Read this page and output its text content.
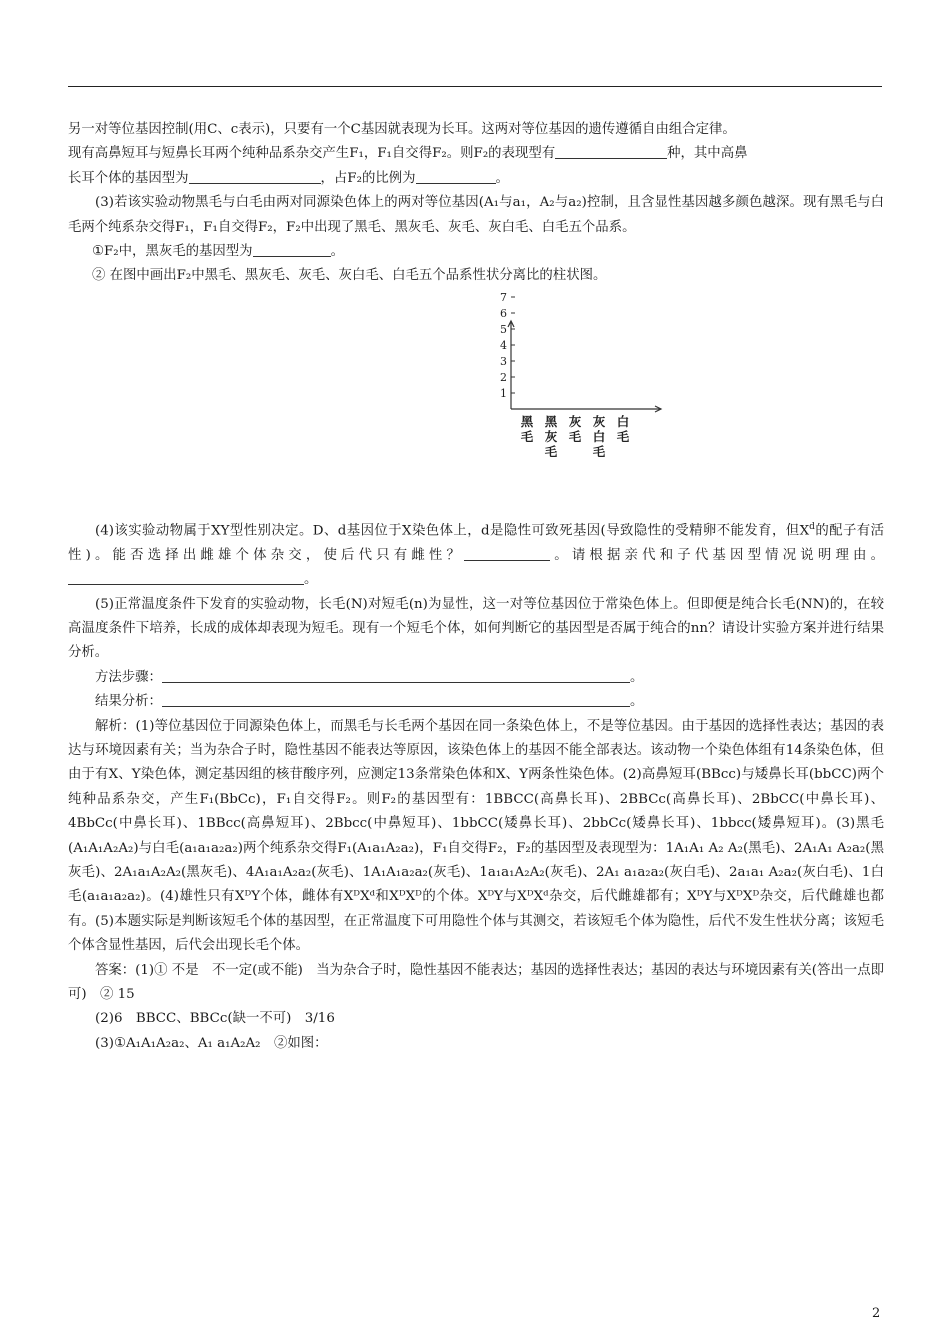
另一对等位基因控制(用C、c表示)，只要有一个C基因就表现为长耳。这两对等位基因的遗传遵循自由组合定律。

现有高鼻短耳与短鼻长耳两个纯种品系杂交产生F₁，F₁自交得F₂。则F₂的表现型有	种，其中高鼻

长耳个体的基因型为	，占F₂的比例为	。

(3)若该实验动物黑毛与白毛由两对同源染色体上的两对等位基因(A₁与a₁，A₂与a₂)控制，且含显性基因越多颜色越深。现有黑毛与白毛两个纯系杂交得F₁，F₁自交得F₂，F₂中出现了黑毛、黑灰毛、灰毛、灰白毛、白毛五个品系。

①F₂中，黑灰毛的基因型为	。

② 在图中画出F₂中黑毛、黑灰毛、灰毛、灰白毛、白毛五个品系性状分离比的柱状图。

1
2
3
4
5
6
7
黑
毛
黑
灰
毛
灰
毛
灰
白
毛
白
毛

(4)该实验动物属于XY型性别决定。D、d基因位于X染色体上，d是隐性可致死基因(导致隐性的受精卵不能发育，但$X^d$的配子有活性)。能否选择出雌雄个体杂交，使后代只有雌性？	。请根据亲代和子代基因型情况说明理由。。

(5)正常温度条件下发育的实验动物，长毛(N)对短毛(n)为显性，这一对等位基因位于常染色体上。但即便是纯合长毛(NN)的，在较高温度条件下培养，长成的成体却表现为短毛。现有一个短毛个体，如何判断它的基因型是否属于纯合的nn？请设计实验方案并进行结果分析。

方法步骤：	。

结果分析：	。

解析：(1)等位基因位于同源染色体上，而黑毛与长毛两个基因在同一条染色体上，不是等位基因。由于基因的选择性表达；基因的表达与环境因素有关；当为杂合子时，隐性基因不能表达等原因，该染色体上的基因不能全部表达。该动物一个染色体组有14条染色体，但由于有X、Y染色体，测定基因组的核苷酸序列，应测定13条常染色体和X、Y两条性染色体。(2)高鼻短耳(BBcc)与矮鼻长耳(bbCC)两个纯种品系杂交，产生F₁(BbCc)，F₁自交得F₂。则F₂的基因型有：1BBCC(高鼻长耳)、2BBCc(高鼻长耳)、2BbCC(中鼻长耳)、4BbCc(中鼻长耳)、1BBcc(高鼻短耳)、2Bbcc(中鼻短耳)、1bbCC(矮鼻长耳)、2bbCc(矮鼻长耳)、1bbcc(矮鼻短耳)。(3)黑毛(A₁A₁A₂A₂)与白毛(a₁a₁a₂a₂)两个纯系杂交得F₁(A₁a₁A₂a₂)，F₁自交得F₂，F₂的基因型及表现型为：1A₁A₁ A₂ A₂(黑毛)、2A₁A₁ A₂a₂(黑灰毛)、2A₁a₁A₂A₂(黑灰毛)、4A₁a₁A₂a₂(灰毛)、1A₁A₁a₂a₂(灰毛)、1a₁a₁A₂A₂(灰毛)、2A₁ a₁a₂a₂(灰白毛)、2a₁a₁ A₂a₂(灰白毛)、1白毛(a₁a₁a₂a₂)。(4)雄性只有XᴰY个体，雌体有XᴰXᵈ和XᴰXᴰ的个体。XᴰY与XᴰXᵈ杂交，后代雌雄都有；XᴰY与XᴰXᴰ杂交，后代雌雄也都有。(5)本题实际是判断该短毛个体的基因型，在正常温度下可用隐性个体与其测交，若该短毛个体为隐性，后代不发生性状分离；该短毛个体含显性基因，后代会出现长毛个体。

答案：(1)① 不是　不一定(或不能)　当为杂合子时，隐性基因不能表达；基因的选择性表达；基因的表达与环境因素有关(答出一点即可)　② 15

(2)6　BBCC、BBCc(缺一不可)　3/16

(3)①A₁A₁A₂a₂、A₁ a₁A₂A₂　②如图：

2
